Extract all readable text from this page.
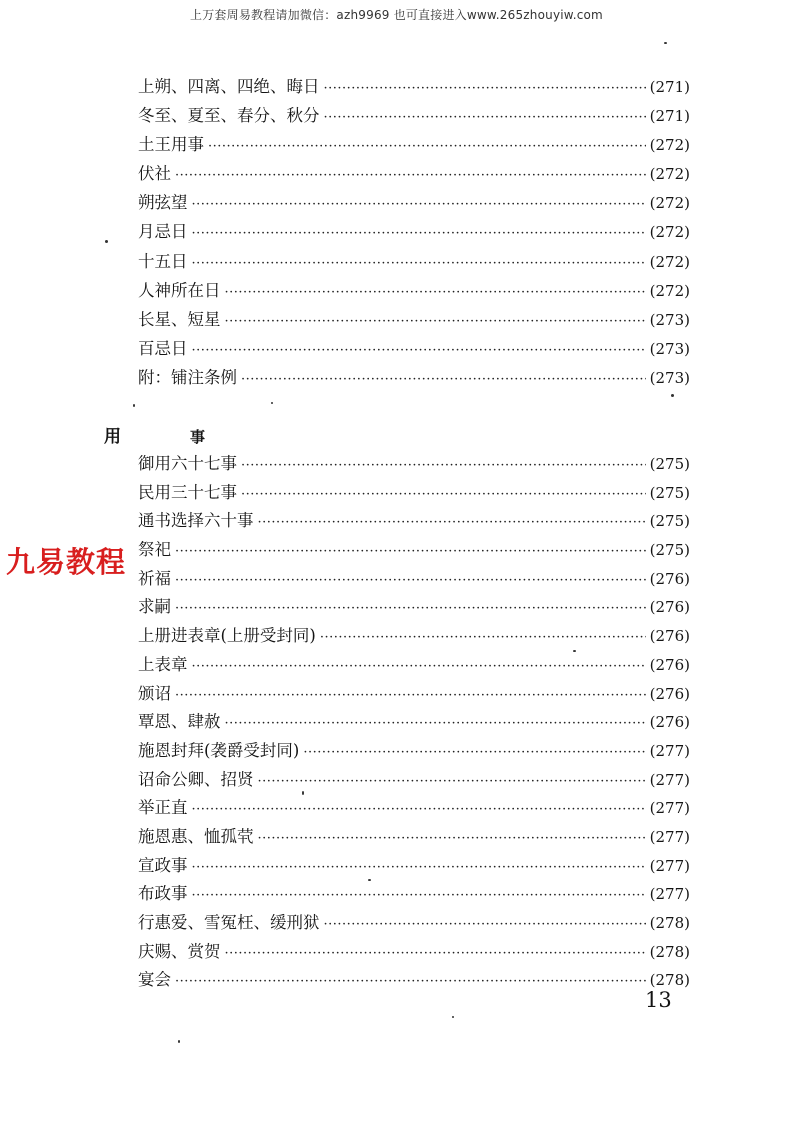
上万套周易教程请加微信：azh9969 也可直接进入www.265zhouyiw.com
九易教程
上朔、四离、四绝、晦日 ·····	(271)
冬至、夏至、春分、秋分 ·····	(271)
土王用事 ·····	(272)
伏社 ·····	(272)
朔弦望 ·····	(272)
月忌日 ·····	(272)
十五日 ·····	(272)
人神所在日 ·····	(272)
长星、短星 ·····	(273)
百忌日 ·····	(273)
附：铺注条例 ·····	(273)
用	事
御用六十七事 ·····	(275)
民用三十七事 ·····	(275)
通书选择六十事 ·····	(275)
祭祀 ·····	(275)
祈福 ·····	(276)
求嗣 ·····	(276)
上册进表章(上册受封同) ·····	(276)
上表章 ·····	(276)
颁诏 ·····	(276)
覃恩、肆赦 ·····	(276)
施恩封拜(袭爵受封同) ·····	(277)
诏命公卿、招贤 ·····	(277)
举正直 ·····	(277)
施恩惠、恤孤茕 ·····	(277)
宣政事 ·····	(277)
布政事 ·····	(277)
行惠爱、雪冤枉、缓刑狱 ·····	(278)
庆赐、赏贺 ·····	(278)
宴会 ·····	(278)
13
